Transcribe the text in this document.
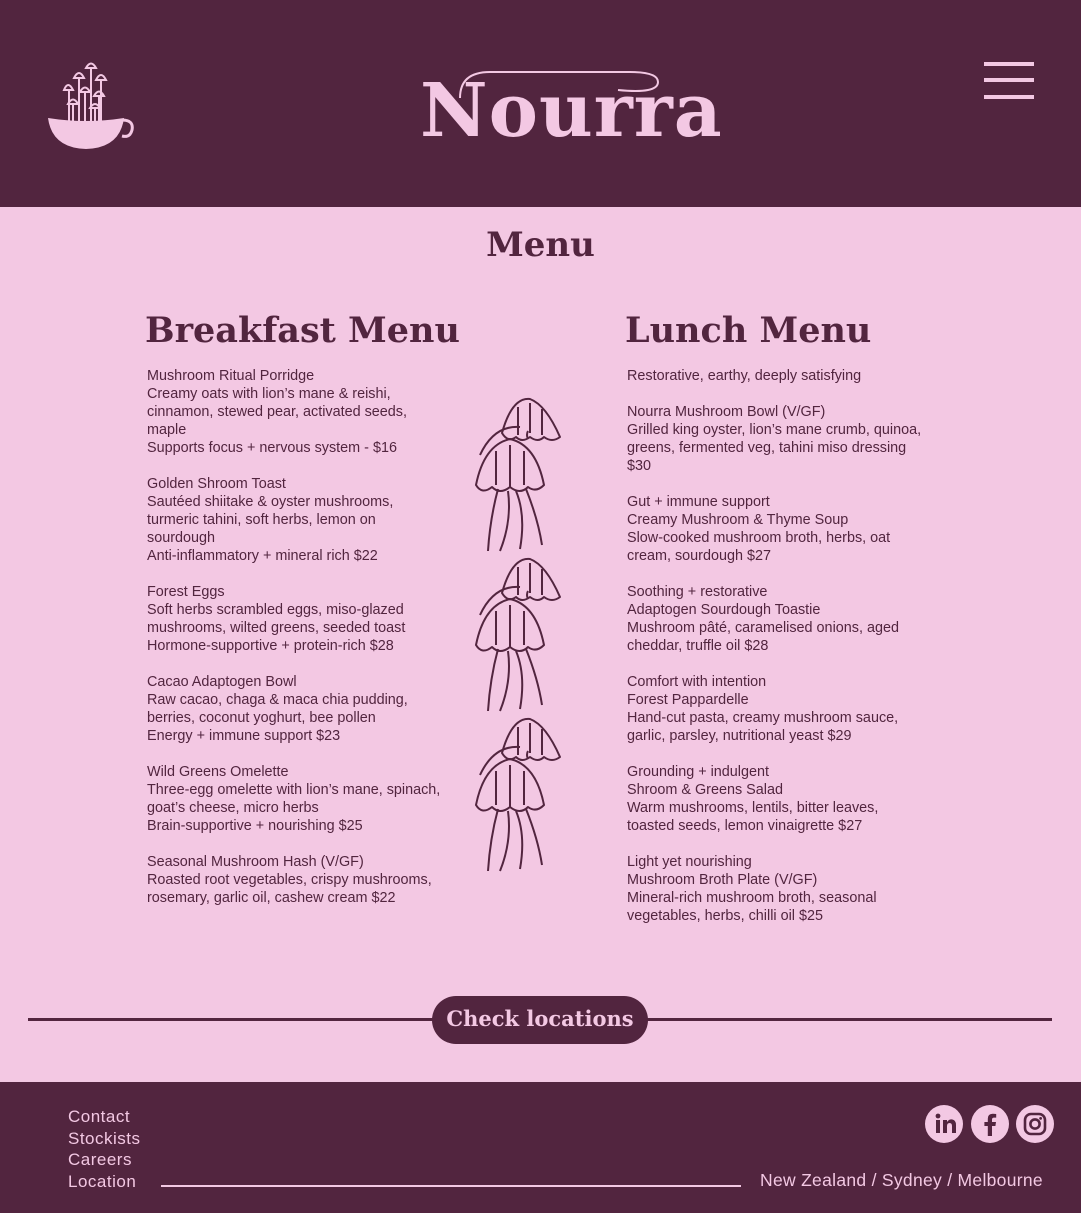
Nourra
Menu
Breakfast Menu
Mushroom Ritual Porridge
Creamy oats with lion’s mane & reishi,
cinnamon, stewed pear, activated seeds,
maple
Supports focus + nervous system - $16
Golden Shroom Toast
Sautéed shiitake & oyster mushrooms,
turmeric tahini, soft herbs, lemon on
sourdough
Anti-inflammatory + mineral rich $22
Forest Eggs
Soft herbs scrambled eggs, miso-glazed
mushrooms, wilted greens, seeded toast
Hormone-supportive + protein-rich $28
Cacao Adaptogen Bowl
Raw cacao, chaga & maca chia pudding,
berries, coconut yoghurt, bee pollen
Energy + immune support $23
Wild Greens Omelette
Three-egg omelette with lion’s mane, spinach,
goat’s cheese, micro herbs
Brain-supportive + nourishing $25
Seasonal Mushroom Hash (V/GF)
Roasted root vegetables, crispy mushrooms,
rosemary, garlic oil, cashew cream $22
Lunch Menu
Restorative, earthy, deeply satisfying
Nourra Mushroom Bowl (V/GF)
Grilled king oyster, lion’s mane crumb, quinoa,
greens, fermented veg, tahini miso dressing
$30
Gut + immune support
Creamy Mushroom & Thyme Soup
Slow-cooked mushroom broth, herbs, oat
cream, sourdough $27
Soothing + restorative
Adaptogen Sourdough Toastie
Mushroom pâté, caramelised onions, aged
cheddar, truffle oil $28
Comfort with intention
Forest Pappardelle
Hand-cut pasta, creamy mushroom sauce,
garlic, parsley, nutritional yeast $29
Grounding + indulgent
Shroom & Greens Salad
Warm mushrooms, lentils, bitter leaves,
toasted seeds, lemon vinaigrette $27
Light yet nourishing
Mushroom Broth Plate (V/GF)
Mineral-rich mushroom broth, seasonal
vegetables, herbs, chilli oil $25
Check locations
Contact
Stockists
Careers
Location	New Zealand / Sydney / Melbourne
